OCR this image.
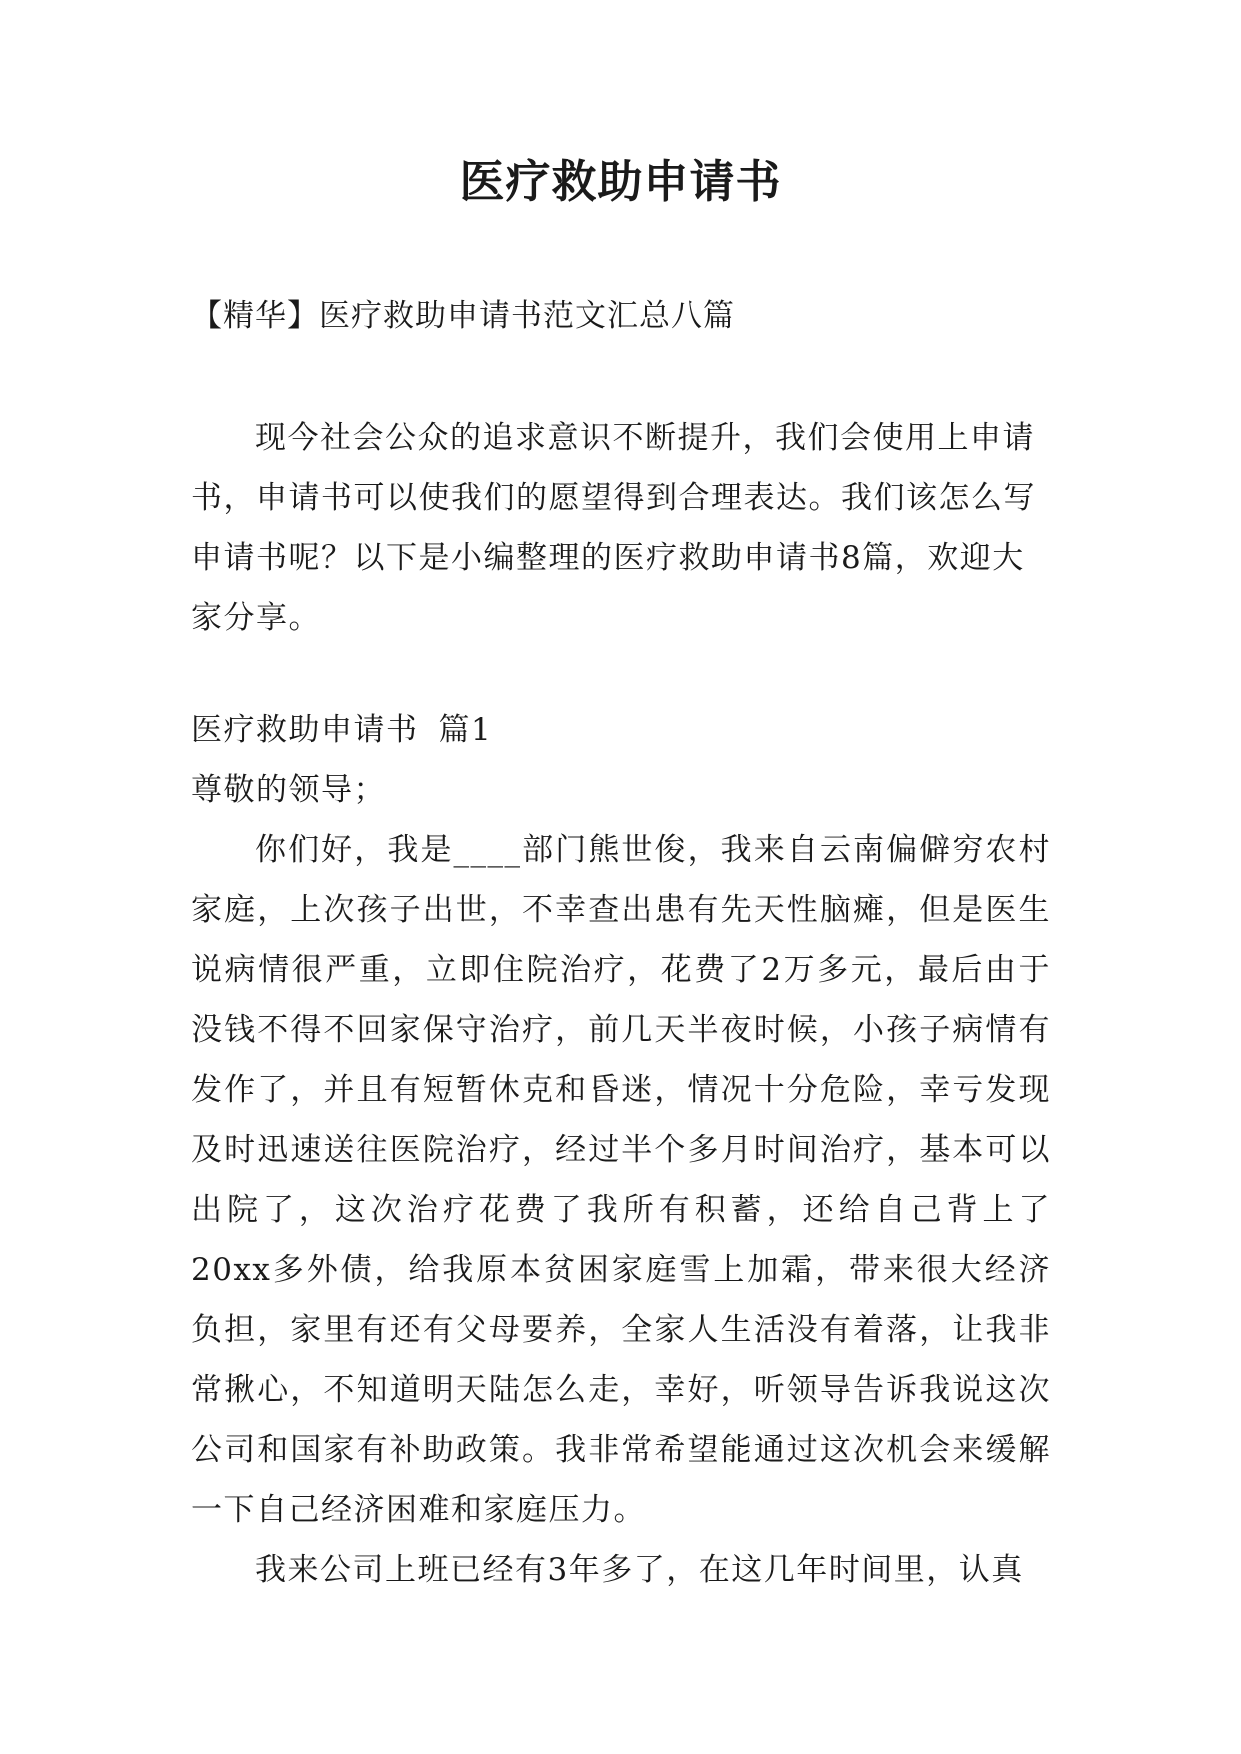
医疗救助申请书

【精华】医疗救助申请书范文汇总八篇

现今社会公众的追求意识不断提升，我们会使用上申请书，申请书可以使我们的愿望得到合理表达。我们该怎么写申请书呢？以下是小编整理的医疗救助申请书8篇，欢迎大家分享。

医疗救助申请书 篇1

尊敬的领导；

你们好，我是____部门熊世俊，我来自云南偏僻穷农村家庭，上次孩子出世，不幸查出患有先天性脑瘫，但是医生说病情很严重，立即住院治疗，花费了2万多元，最后由于没钱不得不回家保守治疗，前几天半夜时候，小孩子病情有发作了，并且有短暂休克和昏迷，情况十分危险，幸亏发现及时迅速送往医院治疗，经过半个多月时间治疗，基本可以出院了，这次治疗花费了我所有积蓄，还给自己背上了20xx多外债，给我原本贫困家庭雪上加霜，带来很大经济负担，家里有还有父母要养，全家人生活没有着落，让我非常揪心，不知道明天陆怎么走，幸好，听领导告诉我说这次公司和国家有补助政策。我非常希望能通过这次机会来缓解一下自己经济困难和家庭压力。

我来公司上班已经有3年多了，在这几年时间里，认真
